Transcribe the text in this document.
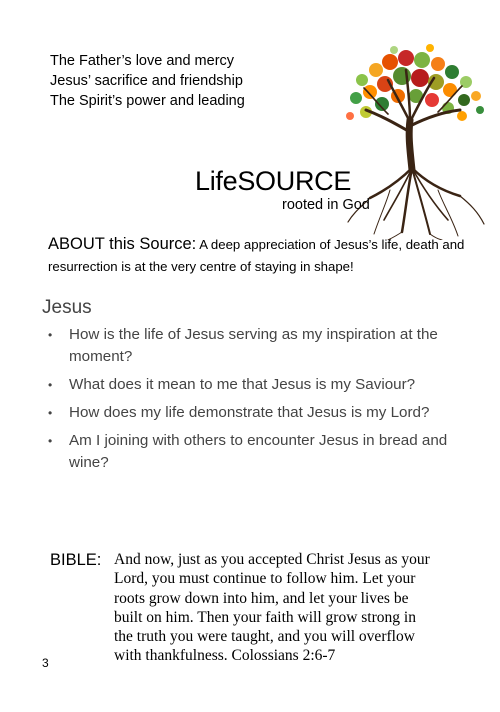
The Father’s love and mercy
Jesus’ sacrifice and friendship
The Spirit’s power and leading
LifeSOURCE
rooted in God
ABOUT this Source: A deep appreciation of Jesus’s life, death and resurrection is at the very centre of staying in shape!
Jesus
• How is the life of Jesus serving as my inspiration at the moment?
• What does it mean to me that Jesus is my Saviour?
• How does my life demonstrate that Jesus is my Lord?
• Am I joining with others to encounter Jesus in bread and wine?
BIBLE: And now, just as you accepted Christ Jesus as your
Lord, you must continue to follow him. Let your
roots grow down into him, and let your lives be
built on him. Then your faith will grow strong in
the truth you were taught, and you will overflow
with thankfulness. Colossians 2:6-7
3
